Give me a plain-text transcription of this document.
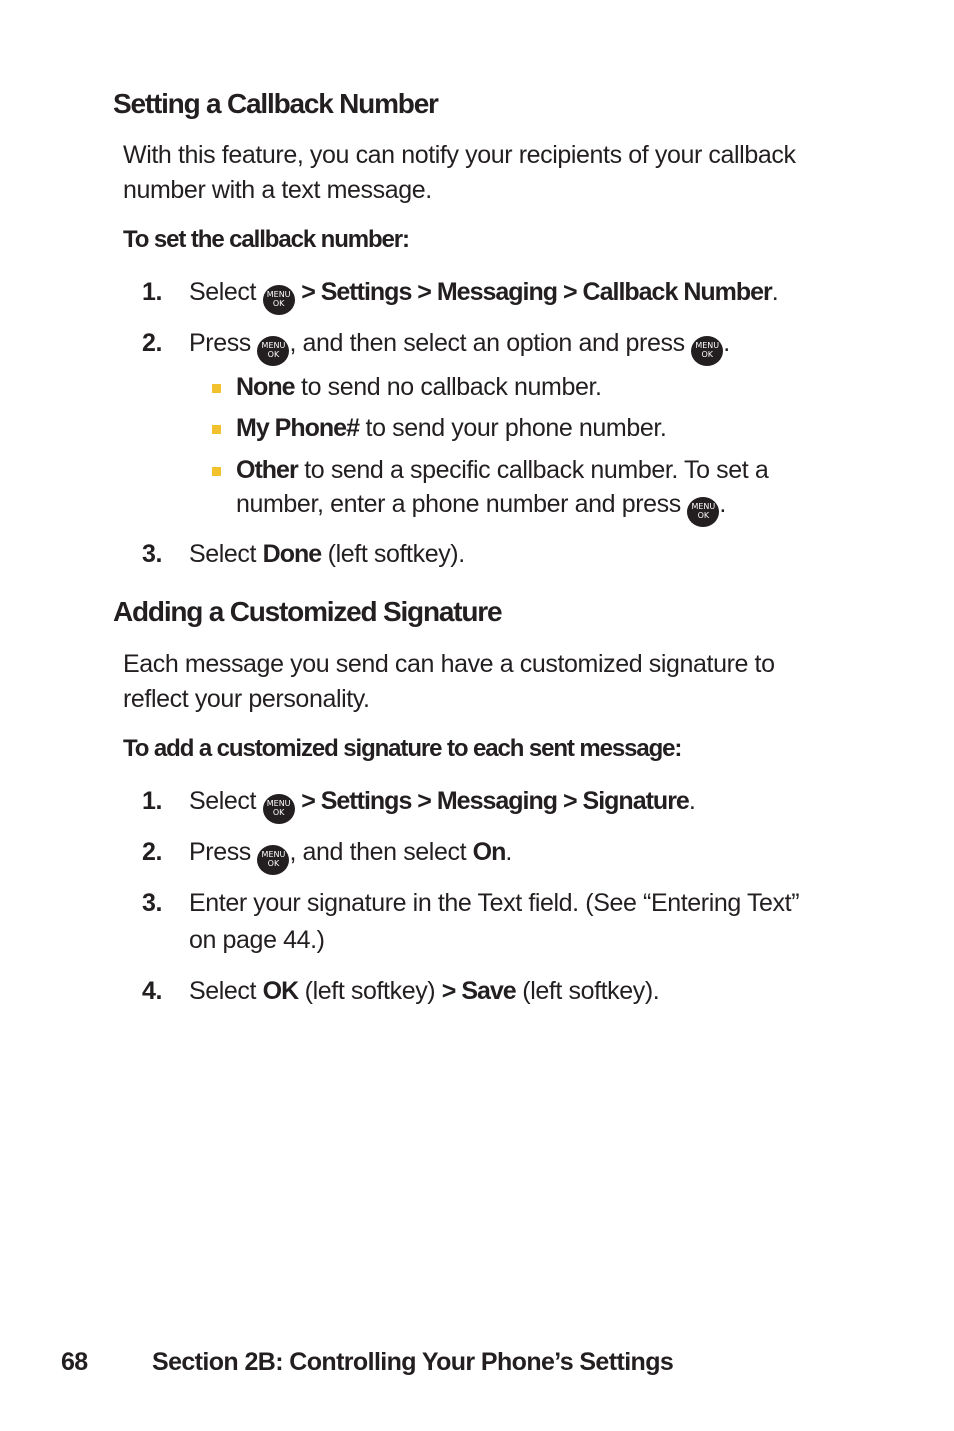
Setting a Callback Number
With this feature, you can notify your recipients of your callback number with a text message.
To set the callback number:
1. Select	MENU
OK > Settings > Messaging > Callback Number.
2. Press	MENU
OK , and then select an option and press	MENU
OK .
None to send no callback number.
My Phone# to send your phone number.
Other to send a specific callback number. To set a number, enter a phone number and press	MENU
OK .
3. Select Done (left softkey).
Adding a Customized Signature
Each message you send can have a customized signature to reflect your personality.
To add a customized signature to each sent message:
1. Select	MENU
OK > Settings > Messaging > Signature.
2. Press	MENU
OK , and then select On.
3.	Enter your signature in the Text field. (See “Entering Text” on page 44.)
4. Select OK (left softkey) > Save (left softkey).
68	Section 2B: Controlling Your Phone’s Settings
